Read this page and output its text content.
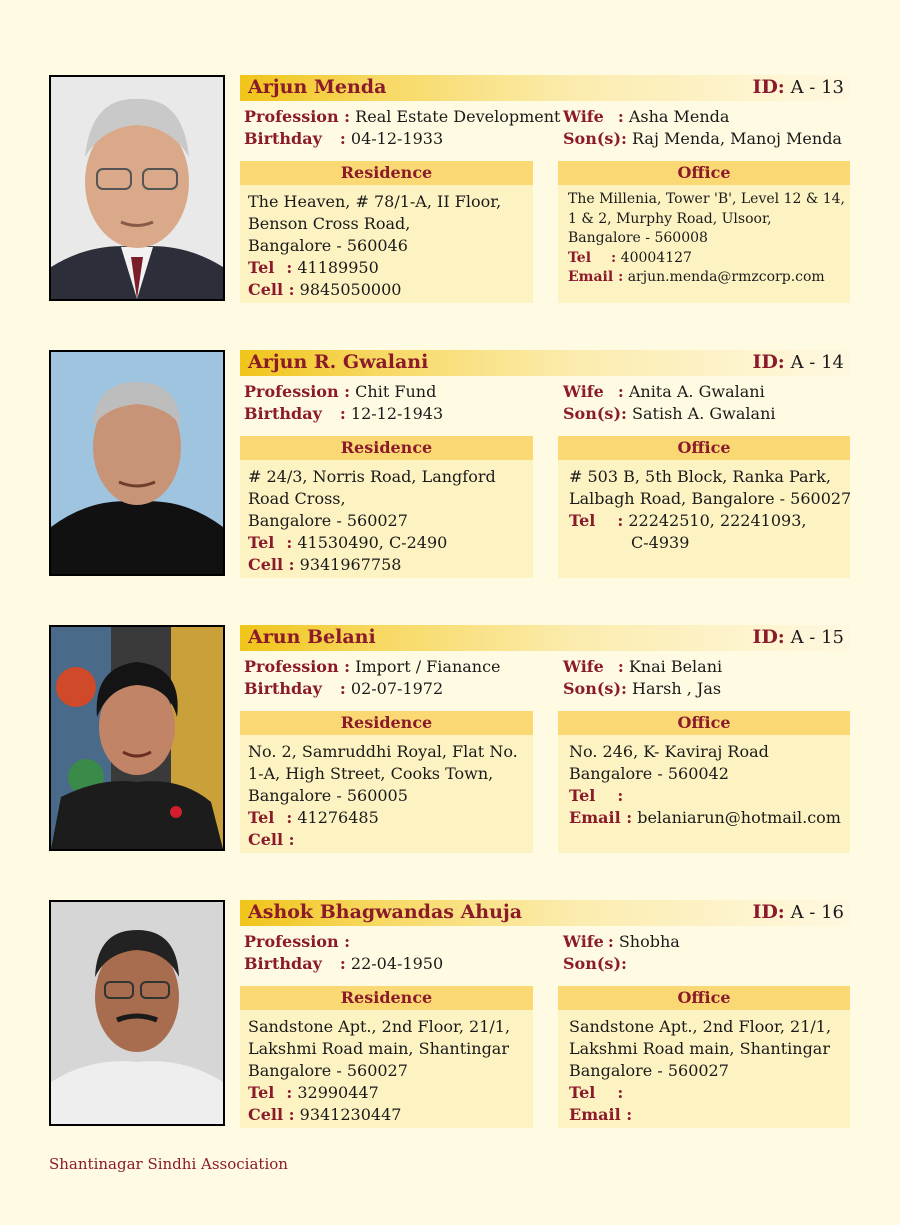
Arjun Menda	ID: A - 13
Profession : Real Estate Development
Birthday : 04-12-1933
Wife : Asha Menda
Son(s): Raj Menda, Manoj Menda
Residence
The Heaven, # 78/1-A, II Floor,
Benson Cross Road,
Bangalore - 560046
Tel : 41189950
Cell : 9845050000
Office
The Millenia, Tower 'B', Level 12 & 14,
1 & 2, Murphy Road, Ulsoor,
Bangalore - 560008
Tel : 40004127
Email : arjun.menda@rmzcorp.com
Arjun R. Gwalani	ID: A - 14
Profession : Chit Fund
Birthday : 12-12-1943
Wife : Anita A. Gwalani
Son(s): Satish A. Gwalani
Residence
# 24/3, Norris Road, Langford
Road Cross,
Bangalore - 560027
Tel : 41530490, C-2490
Cell : 9341967758
Office
# 503 B, 5th Block, Ranka Park,
Lalbagh Road, Bangalore - 560027
Tel : 22242510, 22241093,
C-4939
Arun Belani	ID: A - 15
Profession : Import / Fianance
Birthday : 02-07-1972
Wife : Knai Belani
Son(s): Harsh , Jas
Residence
No. 2, Samruddhi Royal, Flat No.
1-A, High Street, Cooks Town,
Bangalore - 560005
Tel : 41276485
Cell :
Office
No. 246, K- Kaviraj Road
Bangalore - 560042
Tel :
Email : belaniarun@hotmail.com
Ashok Bhagwandas Ahuja	ID: A - 16
Profession :
Birthday : 22-04-1950
Wife : Shobha
Son(s):
Residence
Sandstone Apt., 2nd Floor, 21/1,
Lakshmi Road main, Shantingar
Bangalore - 560027
Tel : 32990447
Cell : 9341230447
Office
Sandstone Apt., 2nd Floor, 21/1,
Lakshmi Road main, Shantingar
Bangalore - 560027
Tel :
Email :
Shantinagar Sindhi Association
